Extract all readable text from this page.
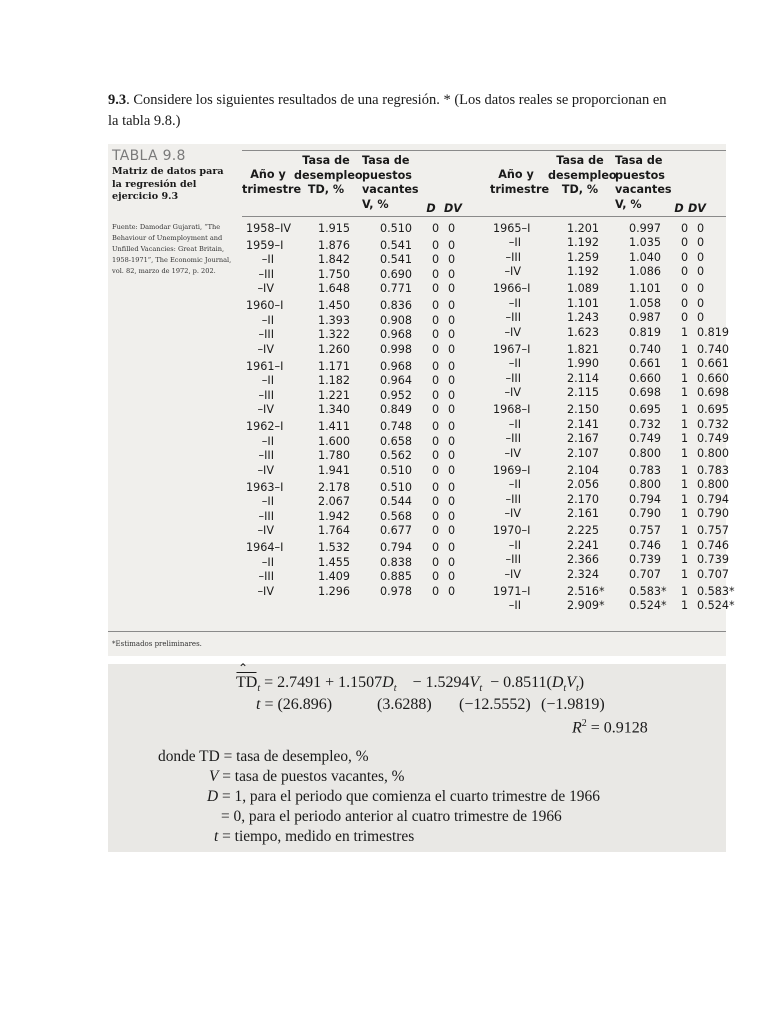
9.3. Considere los siguientes resultados de una regresión. * (Los datos reales se proporcionan en la tabla 9.8.)
TABLA 9.8
Matriz de datos para la regresión del ejercicio 9.3
Fuente: Damodar Gujarati, “The Behaviour of Unemployment and Unfilled Vacancies: Great Britain, 1958-1971”, The Economic Journal, vol. 82, marzo de 1972, p. 202.
Año y trimestre
Tasa de desempleo TD, %
Tasa de puestos vacantes V, %	D DV
Año y trimestre
Tasa de desempleo TD, %
Tasa de puestos vacantes V, %	D DV
1958–IV	1.915	0.510	0 0
1959–I	1.876	0.541	0 0
–II	1.842	0.541	0 0
–III	1.750	0.690	0 0
–IV	1.648	0.771	0 0
1960–I	1.450	0.836	0 0
–II	1.393	0.908	0 0
–III	1.322	0.968	0 0
–IV	1.260	0.998	0 0
1961–I	1.171	0.968	0 0
–II	1.182	0.964	0 0
–III	1.221	0.952	0 0
–IV	1.340	0.849	0 0
1962–I	1.411	0.748	0 0
–II	1.600	0.658	0 0
–III	1.780	0.562	0 0
–IV	1.941	0.510	0 0
1963–I	2.178	0.510	0 0
–II	2.067	0.544	0 0
–III	1.942	0.568	0 0
–IV	1.764	0.677	0 0
1964–I	1.532	0.794	0 0
–II	1.455	0.838	0 0
–III	1.409	0.885	0 0
–IV	1.296	0.978	0 0
1965–I	1.201	0.997	0 0
–II	1.192	1.035	0 0
–III	1.259	1.040	0 0
–IV	1.192	1.086	0 0
1966–I	1.089	1.101	0 0
–II	1.101	1.058	0 0
–III	1.243	0.987	0 0
–IV	1.623	0.819	1 0.819
1967–I	1.821	0.740	1 0.740
–II	1.990	0.661	1 0.661
–III	2.114	0.660	1 0.660
–IV	2.115	0.698	1 0.698
1968–I	2.150	0.695	1 0.695
–II	2.141	0.732	1 0.732
–III	2.167	0.749	1 0.749
–IV	2.107	0.800	1 0.800
1969–I	2.104	0.783	1 0.783
–II	2.056	0.800	1 0.800
–III	2.170	0.794	1 0.794
–IV	2.161	0.790	1 0.790
1970–I	2.225	0.757	1 0.757
–II	2.241	0.746	1 0.746
–III	2.366	0.739	1 0.739
–IV	2.324	0.707	1 0.707
1971–I	2.516*	0.583*	1 0.583*
–II	2.909*	0.524*	1 0.524*
*Estimados preliminares.
⌃
$TD_t = 2.7491 + 1.1507D_t - 1.5294V_t - 0.8511(D_tV_t)$
t = (26.896)	(3.6288) (−12.5552) (−1.9819)
$R^2 = 0.9128$
donde TD = tasa de desempleo, %
V = tasa de puestos vacantes, %
D = 1, para el periodo que comienza el cuarto trimestre de 1966
= 0, para el periodo anterior al cuatro trimestre de 1966
t = tiempo, medido en trimestres
